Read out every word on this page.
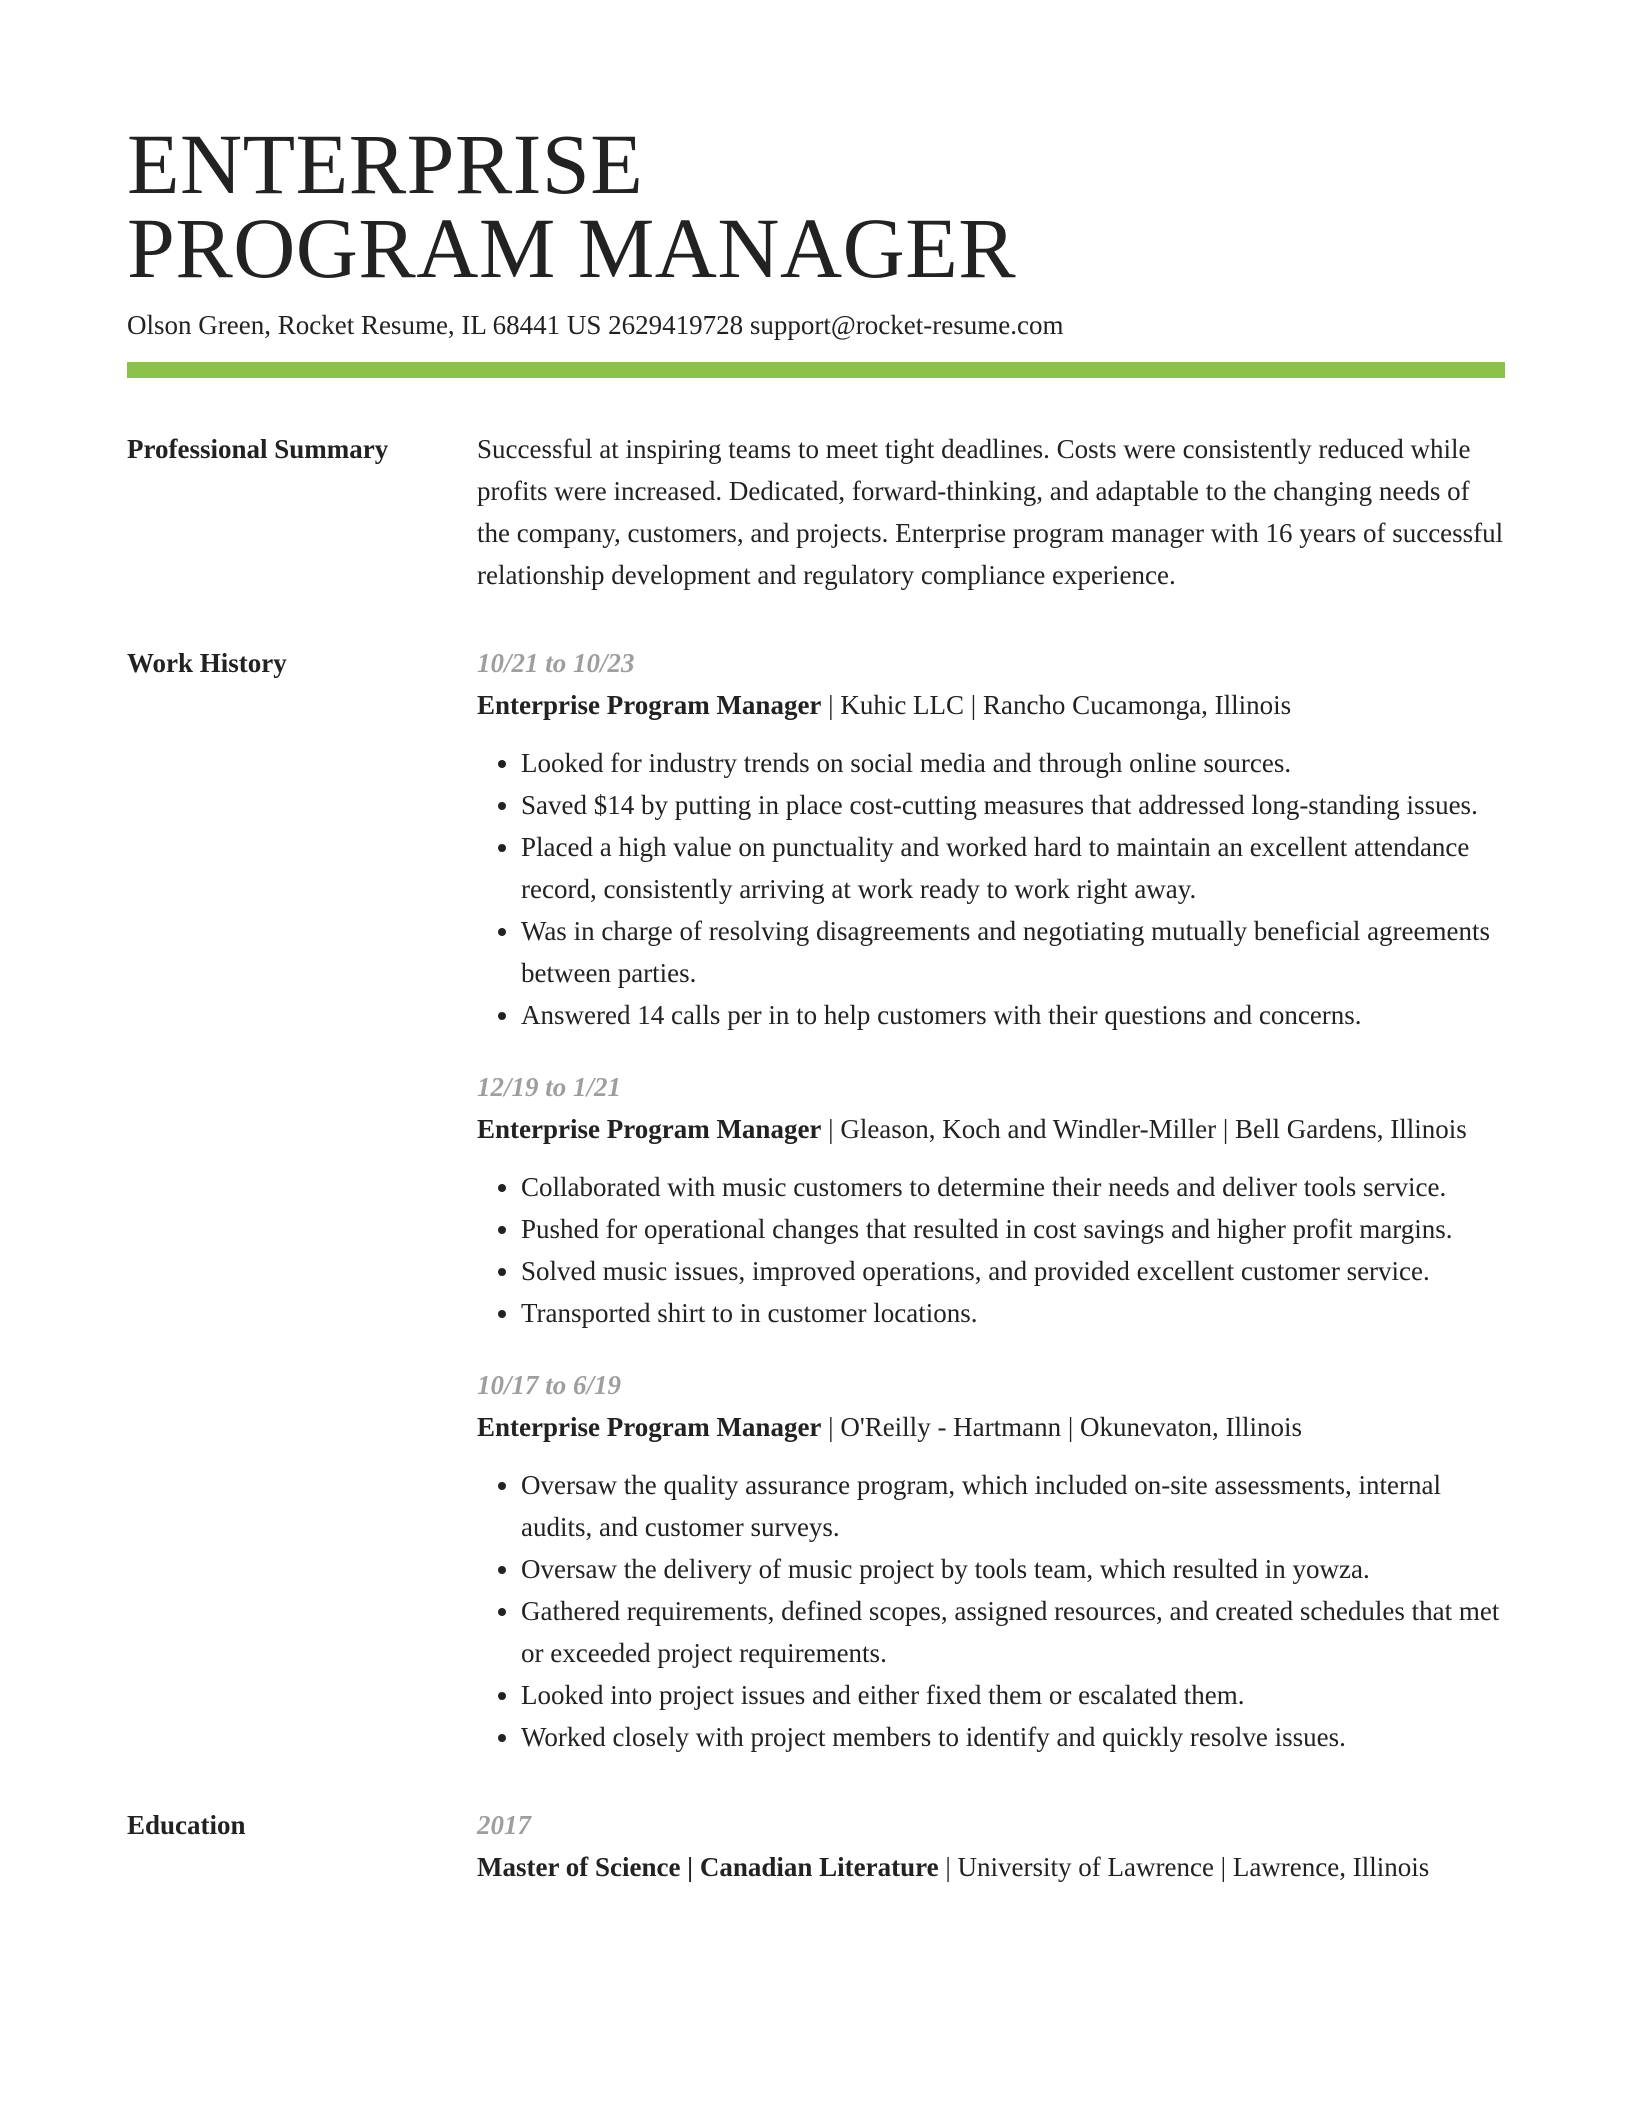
ENTERPRISE
PROGRAM MANAGER
Olson Green, Rocket Resume, IL 68441 US 2629419728 support@rocket-resume.com
Professional Summary	Successful at inspiring teams to meet tight deadlines. Costs were consistently reduced while profits were increased. Dedicated, forward-thinking, and adaptable to the changing needs of the company, customers, and projects. Enterprise program manager with 16 years of successful relationship development and regulatory compliance experience.

Work History	10/21 to 10/23
Enterprise Program Manager | Kuhic LLC | Rancho Cucamonga, Illinois
• Looked for industry trends on social media and through online sources.
• Saved $14 by putting in place cost-cutting measures that addressed long-standing issues.
• Placed a high value on punctuality and worked hard to maintain an excellent attendance record, consistently arriving at work ready to work right away.
• Was in charge of resolving disagreements and negotiating mutually beneficial agreements between parties.
• Answered 14 calls per in to help customers with their questions and concerns.
12/19 to 1/21
Enterprise Program Manager | Gleason, Koch and Windler-Miller | Bell Gardens, Illinois
• Collaborated with music customers to determine their needs and deliver tools service.
• Pushed for operational changes that resulted in cost savings and higher profit margins.
• Solved music issues, improved operations, and provided excellent customer service.
• Transported shirt to in customer locations.
10/17 to 6/19
Enterprise Program Manager | O'Reilly - Hartmann | Okunevaton, Illinois
• Oversaw the quality assurance program, which included on-site assessments, internal audits, and customer surveys.
• Oversaw the delivery of music project by tools team, which resulted in yowza.
• Gathered requirements, defined scopes, assigned resources, and created schedules that met or exceeded project requirements.
• Looked into project issues and either fixed them or escalated them.
• Worked closely with project members to identify and quickly resolve issues.
Education	2017
Master of Science | Canadian Literature | University of Lawrence | Lawrence, Illinois
